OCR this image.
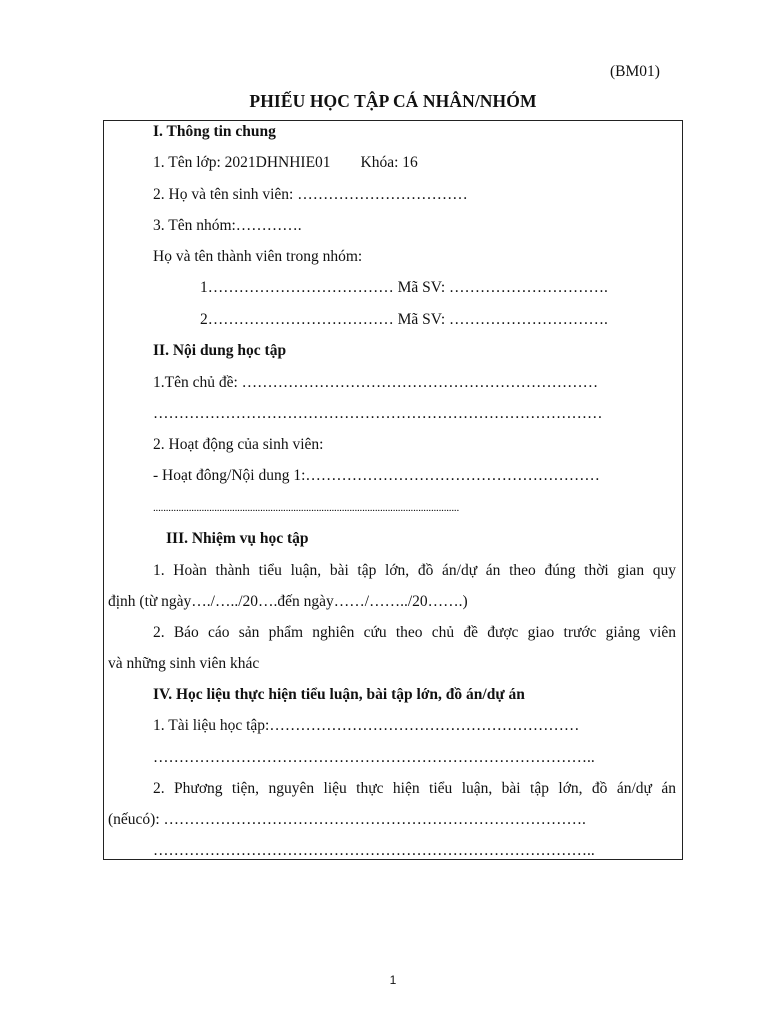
(BM01)
PHIẾU HỌC TẬP CÁ NHÂN/NHÓM
I. Thông tin chung
1. Tên lớp: 2021DHNHIE01 Khóa: 16
2. Họ và tên sinh viên: ……………………………
3. Tên nhóm:………….
Họ và tên thành viên trong nhóm:
1……………………………… Mã SV: ………………………….
2……………………………… Mã SV: ………………………….
II. Nội dung học tập
1.Tên chủ đề: ……………………………………………………………
……………………………………………………………………………
2. Hoạt động của sinh viên:
- Hoạt đông/Nội dung 1:…………………………………………………
........................................................................................................................
III. Nhiệm vụ học tập
1. Hoàn thành tiểu luận, bài tập lớn, đồ án/dự án theo đúng thời gian quy
định (từ ngày…./…../20….đến ngày……/……../20…….)
2. Báo cáo sản phẩm nghiên cứu theo chủ đề được giao trước giảng viên
và những sinh viên khác
IV. Học liệu thực hiện tiểu luận, bài tập lớn, đồ án/dự án
1. Tài liệu học tập:……………………………………………………
…………………………………………………………………………..
2. Phương tiện, nguyên liệu thực hiện tiểu luận, bài tập lớn, đồ án/dự án
(nếucó): ……………………………………………………………………….
…………………………………………………………………………..
1
